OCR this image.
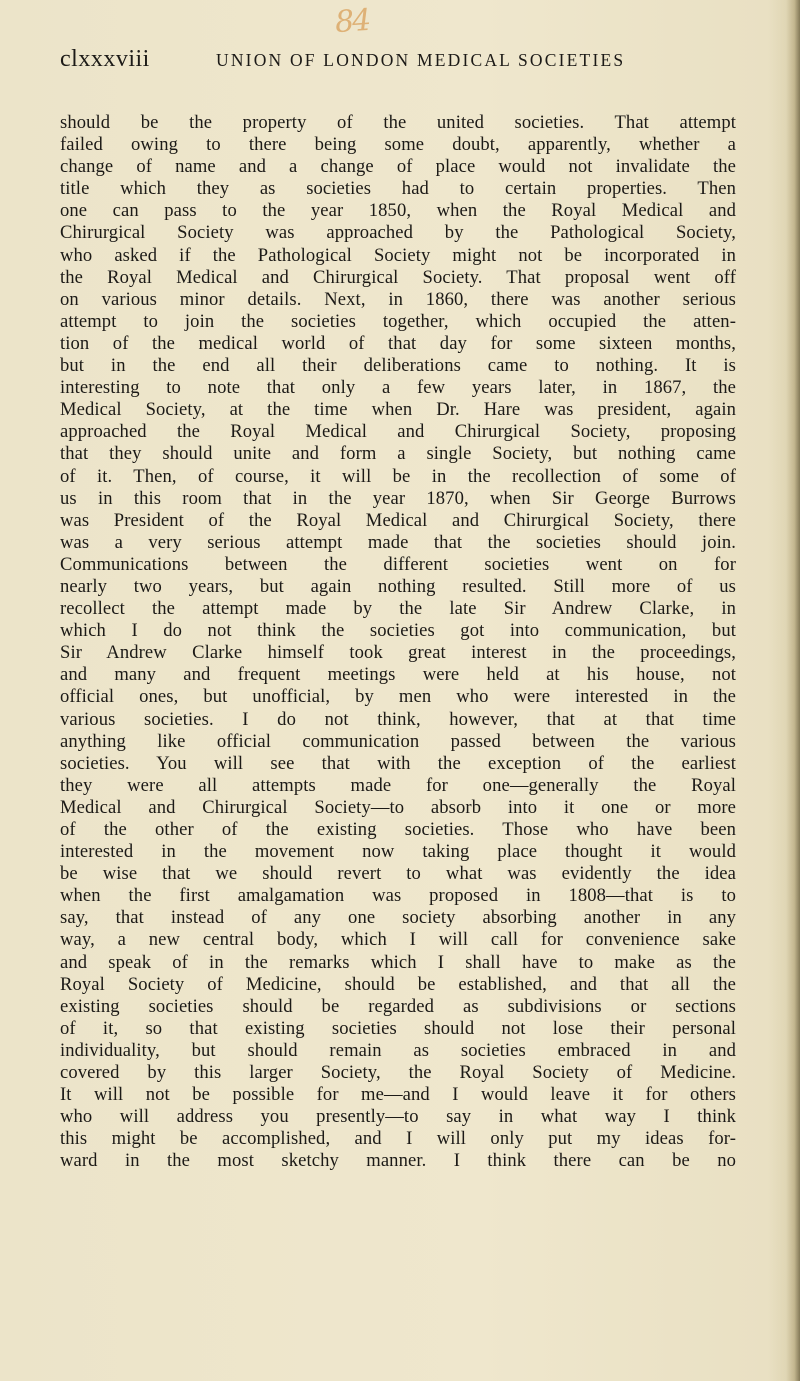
84
clxxxviii	UNION OF LONDON MEDICAL SOCIETIES
should be the property of the united societies. That attempt
failed owing to there being some doubt, apparently, whether a
change of name and a change of place would not invalidate the
title which they as societies had to certain properties. Then
one can pass to the year 1850, when the Royal Medical and
Chirurgical Society was approached by the Pathological Society,
who asked if the Pathological Society might not be incorporated in
the Royal Medical and Chirurgical Society. That proposal went off
on various minor details. Next, in 1860, there was another serious
attempt to join the societies together, which occupied the atten-
tion of the medical world of that day for some sixteen months,
but in the end all their deliberations came to nothing. It is
interesting to note that only a few years later, in 1867, the
Medical Society, at the time when Dr. Hare was president, again
approached the Royal Medical and Chirurgical Society, proposing
that they should unite and form a single Society, but nothing came
of it. Then, of course, it will be in the recollection of some of
us in this room that in the year 1870, when Sir George Burrows
was President of the Royal Medical and Chirurgical Society, there
was a very serious attempt made that the societies should join.
Communications between the different societies went on for
nearly two years, but again nothing resulted. Still more of us
recollect the attempt made by the late Sir Andrew Clarke, in
which I do not think the societies got into communication, but
Sir Andrew Clarke himself took great interest in the proceedings,
and many and frequent meetings were held at his house, not
official ones, but unofficial, by men who were interested in the
various societies. I do not think, however, that at that time
anything like official communication passed between the various
societies. You will see that with the exception of the earliest
they were all attempts made for one—generally the Royal
Medical and Chirurgical Society—to absorb into it one or more
of the other of the existing societies. Those who have been
interested in the movement now taking place thought it would
be wise that we should revert to what was evidently the idea
when the first amalgamation was proposed in 1808—that is to
say, that instead of any one society absorbing another in any
way, a new central body, which I will call for convenience sake
and speak of in the remarks which I shall have to make as the
Royal Society of Medicine, should be established, and that all the
existing societies should be regarded as subdivisions or sections
of it, so that existing societies should not lose their personal
individuality, but should remain as societies embraced in and
covered by this larger Society, the Royal Society of Medicine.
It will not be possible for me—and I would leave it for others
who will address you presently—to say in what way I think
this might be accomplished, and I will only put my ideas for-
ward in the most sketchy manner. I think there can be no
